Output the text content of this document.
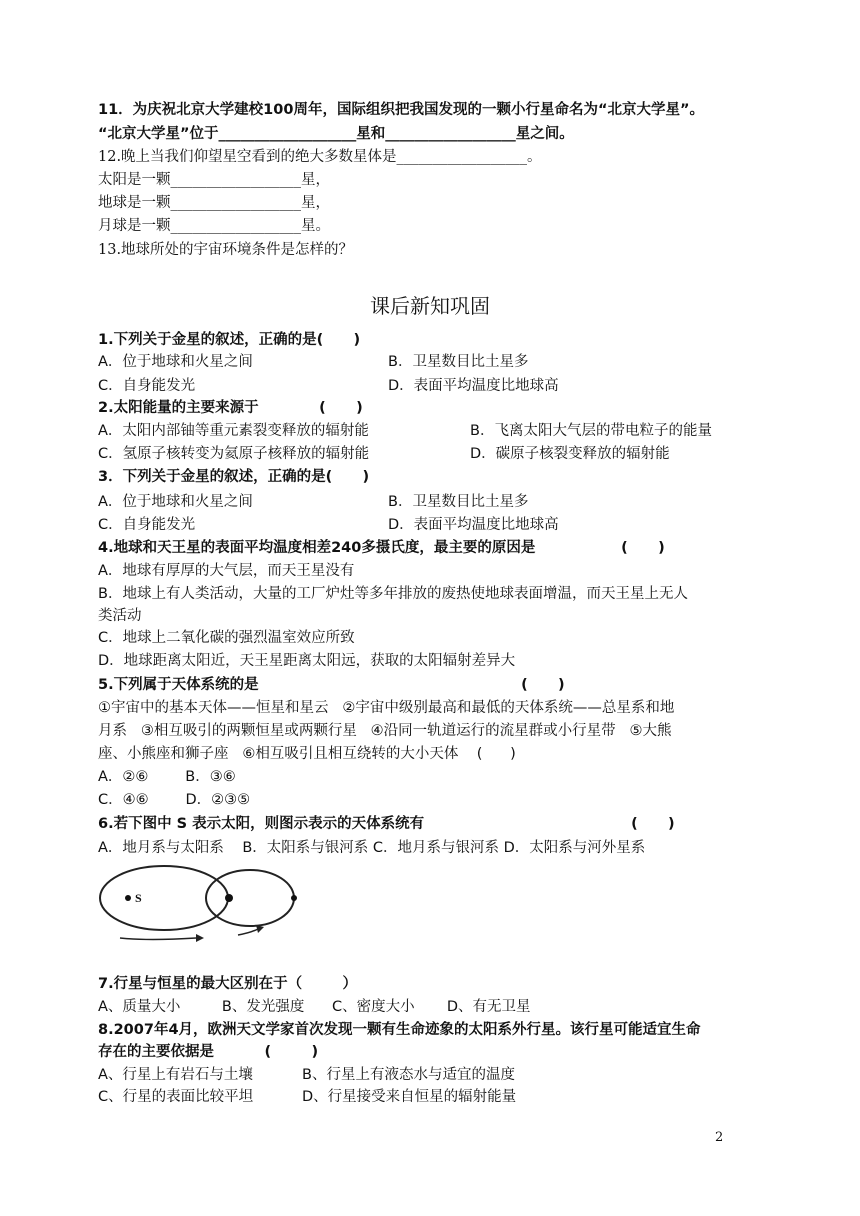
11．为庆祝北京大学建校100周年，国际组织把我国发现的一颗小行星命名为“北京大学星”。
“北京大学星”位于___________________星和__________________星之间。
12.晚上当我们仰望星空看到的绝大多数星体是__________________。
太阳是一颗__________________星，
地球是一颗__________________星，
月球是一颗__________________星。
13.地球所处的宇宙环境条件是怎样的？
课后新知巩固
1.下列关于金星的叙述，正确的是(      )
A．位于地球和火星之间	B．卫星数目比土星多
C．自身能发光	D．表面平均温度比地球高
2.太阳能量的主要来源于            (      )
A．太阳内部铀等重元素裂变释放的辐射能	B．飞离太阳大气层的带电粒子的能量
C．氢原子核转变为氦原子核释放的辐射能	D．碳原子核裂变释放的辐射能
3．下列关于金星的叙述，正确的是(      )
A．位于地球和火星之间	B．卫星数目比土星多
C．自身能发光	D．表面平均温度比地球高
4.地球和天王星的表面平均温度相差240多摄氏度，最主要的原因是                 (      )
A．地球有厚厚的大气层，而天王星没有
B．地球上有人类活动，大量的工厂炉灶等多年排放的废热使地球表面增温，而天王星上无人
类活动
C．地球上二氧化碳的强烈温室效应所致
D．地球距离太阳近，天王星距离太阳远，获取的太阳辐射差异大
5.下列属于天体系统的是                                                    (      )
①宇宙中的基本天体——恒星和星云   ②宇宙中级别最高和最低的天体系统——总星系和地
月系   ③相互吸引的两颗恒星或两颗行星   ④沿同一轨道运行的流星群或小行星带   ⑤大熊
座、小熊座和狮子座   ⑥相互吸引且相互绕转的大小天体    (      )
A．②⑥        B．③⑥
C．④⑥        D．②③⑤
6.若下图中 S 表示太阳，则图示表示的天体系统有                                         (      )
A．地月系与太阳系    B．太阳系与银河系 C．地月系与银河系 D．太阳系与河外星系
S
7.行星与恒星的最大区别在于（        ）
A、质量大小         B、发光强度      C、密度大小       D、有无卫星
8.2007年4月，欧洲天文学家首次发现一颗有生命迹象的太阳系外行星。该行星可能适宜生命
存在的主要依据是          (        )
A、行星上有岩石与土壤	B、行星上有液态水与适宜的温度
C、行星的表面比较平坦	D、行星接受来自恒星的辐射能量
2
